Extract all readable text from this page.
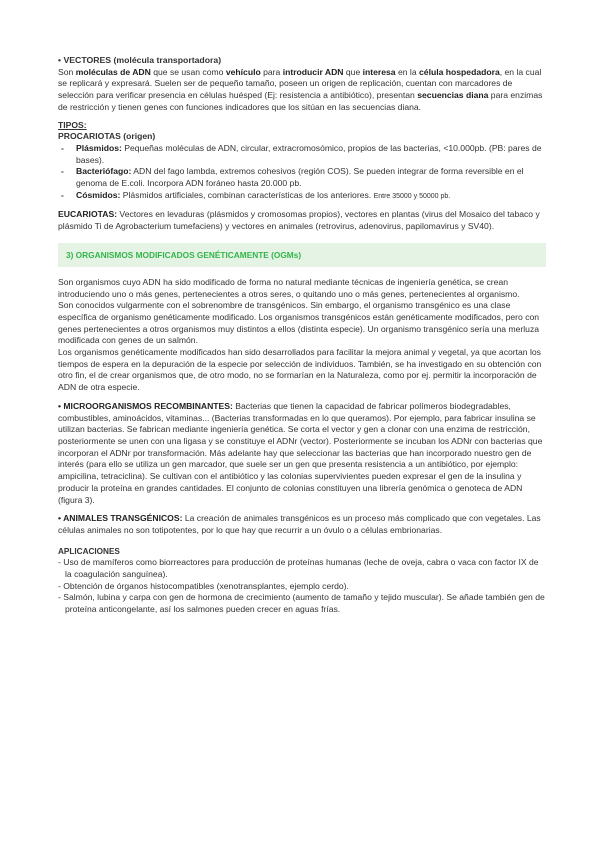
• VECTORES (molécula transportadora)

Son moléculas de ADN que se usan como vehículo para introducir ADN que interesa en la célula hospedadora, en la cual se replicará y expresará. Suelen ser de pequeño tamaño, poseen un origen de replicación, cuentan con marcadores de selección para verificar presencia en células huésped (Ej: resistencia a antibiótico), presentan secuencias diana para enzimas de restricción y tienen genes con funciones indicadores que los sitúan en las secuencias diana.

TIPOS:

PROCARIOTAS (origen)

- Plásmidos: Pequeñas moléculas de ADN, circular, extracromosómico, propios de las bacterias, <10.000pb. (PB: pares de bases).
- Bacteriófago: ADN del fago lambda, extremos cohesivos (región COS). Se pueden integrar de forma reversible en el genoma de E.coli. Incorpora ADN foráneo hasta 20.000 pb.
- Cósmidos: Plásmidos artificiales, combinan características de los anteriores. Entre 35000 y 50000 pb.

EUCARIOTAS: Vectores en levaduras (plásmidos y cromosomas propios), vectores en plantas (virus del Mosaico del tabaco y plásmido Ti de Agrobacterium tumefaciens) y vectores en animales (retrovirus, adenovirus, papilomavirus y SV40).

3) ORGANISMOS MODIFICADOS GENÉTICAMENTE (OGMs)

Son organismos cuyo ADN ha sido modificado de forma no natural mediante técnicas de ingeniería genética, se crean introduciendo uno o más genes, pertenecientes a otros seres, o quitando uno o más genes, pertenecientes al organismo.

Son conocidos vulgarmente con el sobrenombre de transgénicos. Sin embargo, el organismo transgénico es una clase específica de organismo genéticamente modificado. Los organismos transgénicos están genéticamente modificados, pero con genes pertenecientes a otros organismos muy distintos a ellos (distinta especie). Un organismo transgénico sería una merluza modificada con genes de un salmón.

Los organismos genéticamente modificados han sido desarrollados para facilitar la mejora animal y vegetal, ya que acortan los tiempos de espera en la depuración de la especie por selección de individuos. También, se ha investigado en su obtención con otro fin, el de crear organismos que, de otro modo, no se formarían en la Naturaleza, como por ej. permitir la incorporación de ADN de otra especie.

• MICROORGANISMOS RECOMBINANTES: Bacterias que tienen la capacidad de fabricar polímeros biodegradables, combustibles, aminoácidos, vitaminas... (Bacterias transformadas en lo que queramos). Por ejemplo, para fabricar insulina se utilizan bacterias. Se fabrican mediante ingeniería genética. Se corta el vector y gen a clonar con una enzima de restricción, posteriormente se unen con una ligasa y se constituye el ADNr (vector). Posteriormente se incuban los ADNr con bacterias que incorporan el ADNr por transformación. Más adelante hay que seleccionar las bacterias que han incorporado nuestro gen de interés (para ello se utiliza un gen marcador, que suele ser un gen que presenta resistencia a un antibiótico, por ejemplo: ampicilina, tetraciclina). Se cultivan con el antibiótico y las colonias supervivientes pueden expresar el gen de la insulina y producir la proteína en grandes cantidades. El conjunto de colonias constituyen una librería genómica o genoteca de ADN (figura 3).

• ANIMALES TRANSGÉNICOS: La creación de animales transgénicos es un proceso más complicado que con vegetales. Las células animales no son totipotentes, por lo que hay que recurrir a un óvulo o a células embrionarias.

APLICACIONES

- Uso de mamíferos como biorreactores para producción de proteínas humanas (leche de oveja, cabra o vaca con factor IX de la coagulación sanguínea).
- Obtención de órganos histocompatibles (xenotransplantes, ejemplo cerdo).
- Salmón, lubina y carpa con gen de hormona de crecimiento (aumento de tamaño y tejido muscular). Se añade también gen de proteína anticongelante, así los salmones pueden crecer en aguas frías.
